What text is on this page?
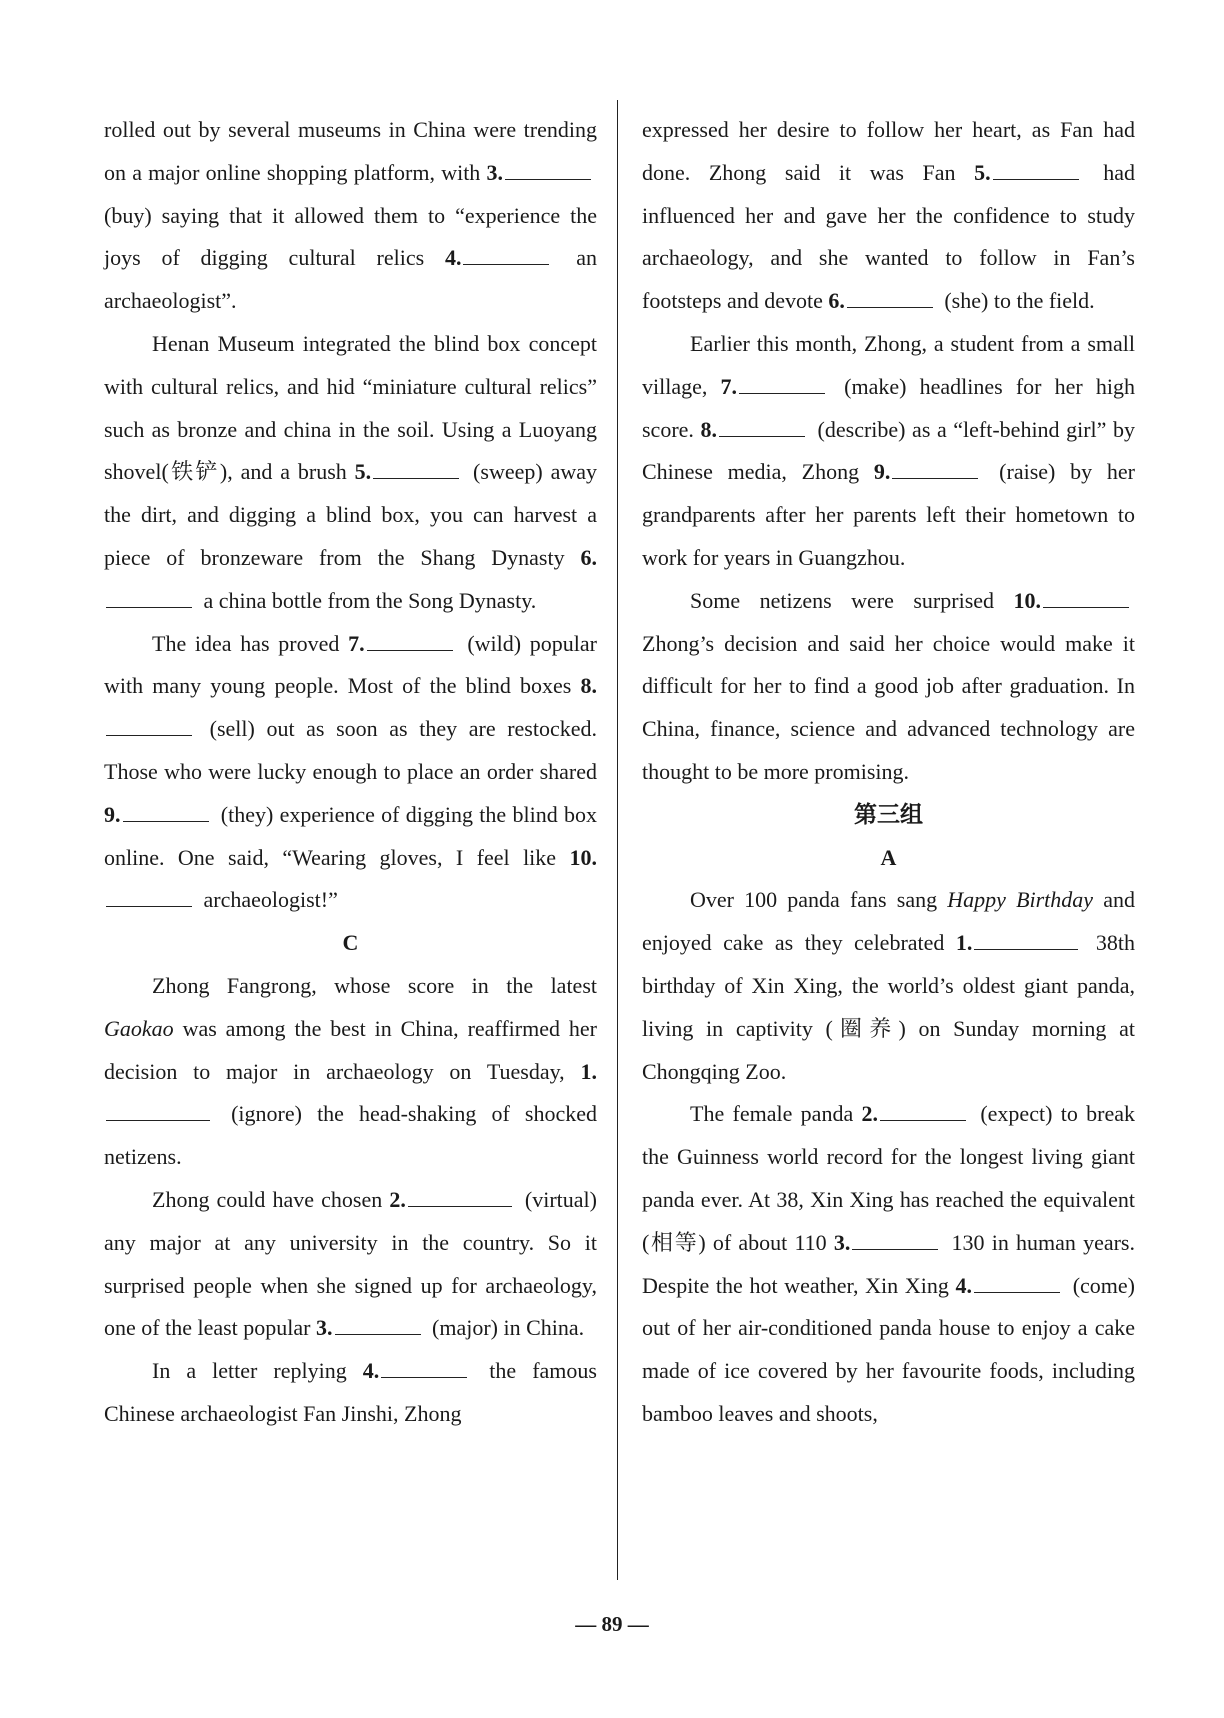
rolled out by several museums in China were trending on a major online shopping platform, with 3. (buy) saying that it allowed them to “experience the joys of digging cultural relics 4.	an archaeologist”.

Henan Museum integrated the blind box concept with cultural relics, and hid “miniature cultural relics” such as bronze and china in the soil. Using a Luoyang shovel(铁铲), and a brush 5.	(sweep) away the dirt, and digging a blind box, you can harvest a piece of bronzeware from the Shang Dynasty 6. a china bottle from the Song Dynasty.

The idea has proved 7.	(wild) popular with many young people. Most of the blind boxes 8. (sell) out as soon as they are restocked. Those who were lucky enough to place an order shared 9.	(they) experience of digging the blind box online. One said, “Wearing gloves, I feel like 10. archaeologist!”

C

Zhong Fangrong, whose score in the latest Gaokao was among the best in China, reaffirmed her decision to major in archaeology on Tuesday, 1. (ignore) the head-shaking of shocked netizens.

Zhong could have chosen 2.	(virtual) any major at any university in the country. So it surprised people when she signed up for archaeology, one of the least popular 3.	(major) in China.

In a letter replying 4.	the famous Chinese archaeologist Fan Jinshi, Zhong

expressed her desire to follow her heart, as Fan had done. Zhong said it was Fan 5.	had influenced her and gave her the confidence to study archaeology, and she wanted to follow in Fan’s footsteps and devote 6.	(she) to the field.

Earlier this month, Zhong, a student from a small village, 7.	(make) headlines for her high score. 8.	(describe) as a “left-behind girl” by Chinese media, Zhong 9.	(raise) by her grandparents after her parents left their hometown to work for years in Guangzhou.

Some netizens were surprised 10. Zhong’s decision and said her choice would make it difficult for her to find a good job after graduation. In China, finance, science and advanced technology are thought to be more promising.

第三组

A

Over 100 panda fans sang Happy Birthday and enjoyed cake as they celebrated 1.	38th birthday of Xin Xing, the world’s oldest giant panda, living in captivity (圈养) on Sunday morning at Chongqing Zoo.

The female panda 2.	(expect) to break the Guinness world record for the longest living giant panda ever. At 38, Xin Xing has reached the equivalent (相等) of about 110 3.	130 in human years. Despite the hot weather, Xin Xing 4.	(come) out of her air-conditioned panda house to enjoy a cake made of ice covered by her favourite foods, including bamboo leaves and shoots,

— 89 —
